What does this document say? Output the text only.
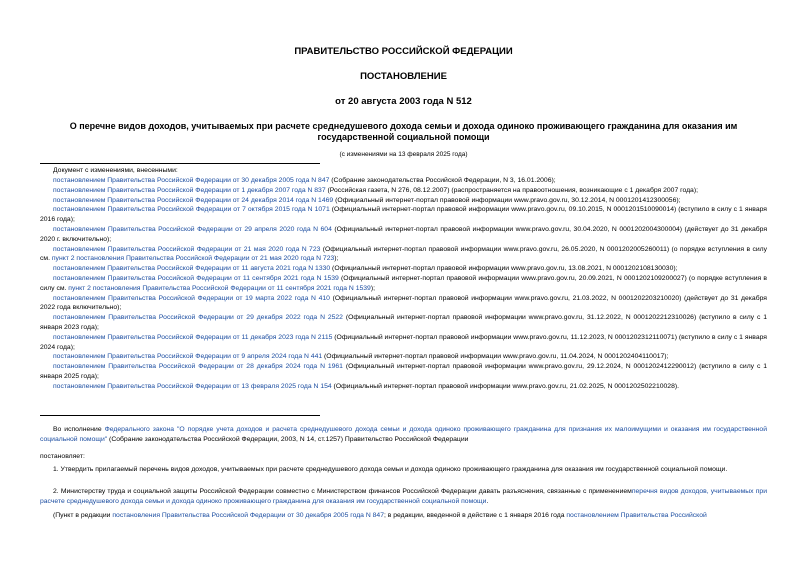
ПРАВИТЕЛЬСТВО РОССИЙСКОЙ ФЕДЕРАЦИИ
ПОСТАНОВЛЕНИЕ
от 20 августа 2003 года N 512
О перечне видов доходов, учитываемых при расчете среднедушевого дохода семьи и дохода одиноко проживающего гражданина для оказания им государственной социальной помощи
(с изменениями на 13 февраля 2025 года)
Документ с изменениями, внесенными:
постановлением Правительства Российской Федерации от 30 декабря 2005 года N 847 (Собрание законодательства Российской Федерации, N 3, 16.01.2006);
постановлением Правительства Российской Федерации от 1 декабря 2007 года N 837 (Российская газета, N 276, 08.12.2007) (распространяется на правоотношения, возникающие с 1 декабря 2007 года);
постановлением Правительства Российской Федерации от 24 декабря 2014 года N 1469 (Официальный интернет-портал правовой информации www.pravo.gov.ru, 30.12.2014, N 0001201412300056);
постановлением Правительства Российской Федерации от 7 октября 2015 года N 1071 (Официальный интернет-портал правовой информации www.pravo.gov.ru, 09.10.2015, N 0001201510090014) (вступило в силу с 1 января 2016 года);
постановлением Правительства Российской Федерации от 29 апреля 2020 года N 604 (Официальный интернет-портал правовой информации www.pravo.gov.ru, 30.04.2020, N 0001202004300004) (действует до 31 декабря 2020 г. включительно);
постановлением Правительства Российской Федерации от 21 мая 2020 года N 723 (Официальный интернет-портал правовой информации www.pravo.gov.ru, 26.05.2020, N 0001202005260011) (о порядке вступления в силу см. пункт 2 постановления Правительства Российской Федерации от 21 мая 2020 года N 723);
постановлением Правительства Российской Федерации от 11 августа 2021 года N 1330 (Официальный интернет-портал правовой информации www.pravo.gov.ru, 13.08.2021, N 0001202108130030);
постановлением Правительства Российской Федерации от 11 сентября 2021 года N 1539 (Официальный интернет-портал правовой информации www.pravo.gov.ru, 20.09.2021, N 0001202109200027) (о порядке вступления в силу см. пункт 2 постановления Правительства Российской Федерации от 11 сентября 2021 года N 1539);
постановлением Правительства Российской Федерации от 19 марта 2022 года N 410 (Официальный интернет-портал правовой информации www.pravo.gov.ru, 21.03.2022, N 0001202203210020) (действует до 31 декабря 2022 года включительно);
постановлением Правительства Российской Федерации от 29 декабря 2022 года N 2522 (Официальный интернет-портал правовой информации www.pravo.gov.ru, 31.12.2022, N 0001202212310026) (вступило в силу с 1 января 2023 года);
постановлением Правительства Российской Федерации от 11 декабря 2023 года N 2115 (Официальный интернет-портал правовой информации www.pravo.gov.ru, 11.12.2023, N 0001202312110071) (вступило в силу с 1 января 2024 года);
постановлением Правительства Российской Федерации от 9 апреля 2024 года N 441 (Официальный интернет-портал правовой информации www.pravo.gov.ru, 11.04.2024, N 0001202404110017);
постановлением Правительства Российской Федерации от 28 декабря 2024 года N 1961 (Официальный интернет-портал правовой информации www.pravo.gov.ru, 29.12.2024, N 0001202412290012) (вступило в силу с 1 января 2025 года);
постановлением Правительства Российской Федерации от 13 февраля 2025 года N 154 (Официальный интернет-портал правовой информации www.pravo.gov.ru, 21.02.2025, N 0001202502210028).
Во исполнение Федерального закона "О порядке учета доходов и расчета среднедушевого дохода семьи и дохода одиноко проживающего гражданина для признания их малоимущими и оказания им государственной социальной помощи" (Собрание законодательства Российской Федерации, 2003, N 14, ст.1257) Правительство Российской Федерации
постановляет:
1. Утвердить прилагаемый перечень видов доходов, учитываемых при расчете среднедушевого дохода семьи и дохода одиноко проживающего гражданина для оказания им государственной социальной помощи.
2. Министерству труда и социальной защиты Российской Федерации совместно с Министерством финансов Российской Федерации давать разъяснения, связанные с применениемперечня видов доходов, учитываемых при расчете среднедушевого дохода семьи и дохода одиноко проживающего гражданина для оказания им государственной социальной помощи.
(Пункт в редакции постановления Правительства Российской Федерации от 30 декабря 2005 года N 847; в редакции, введенной в действие с 1 января 2016 года постановлением Правительства Российской
